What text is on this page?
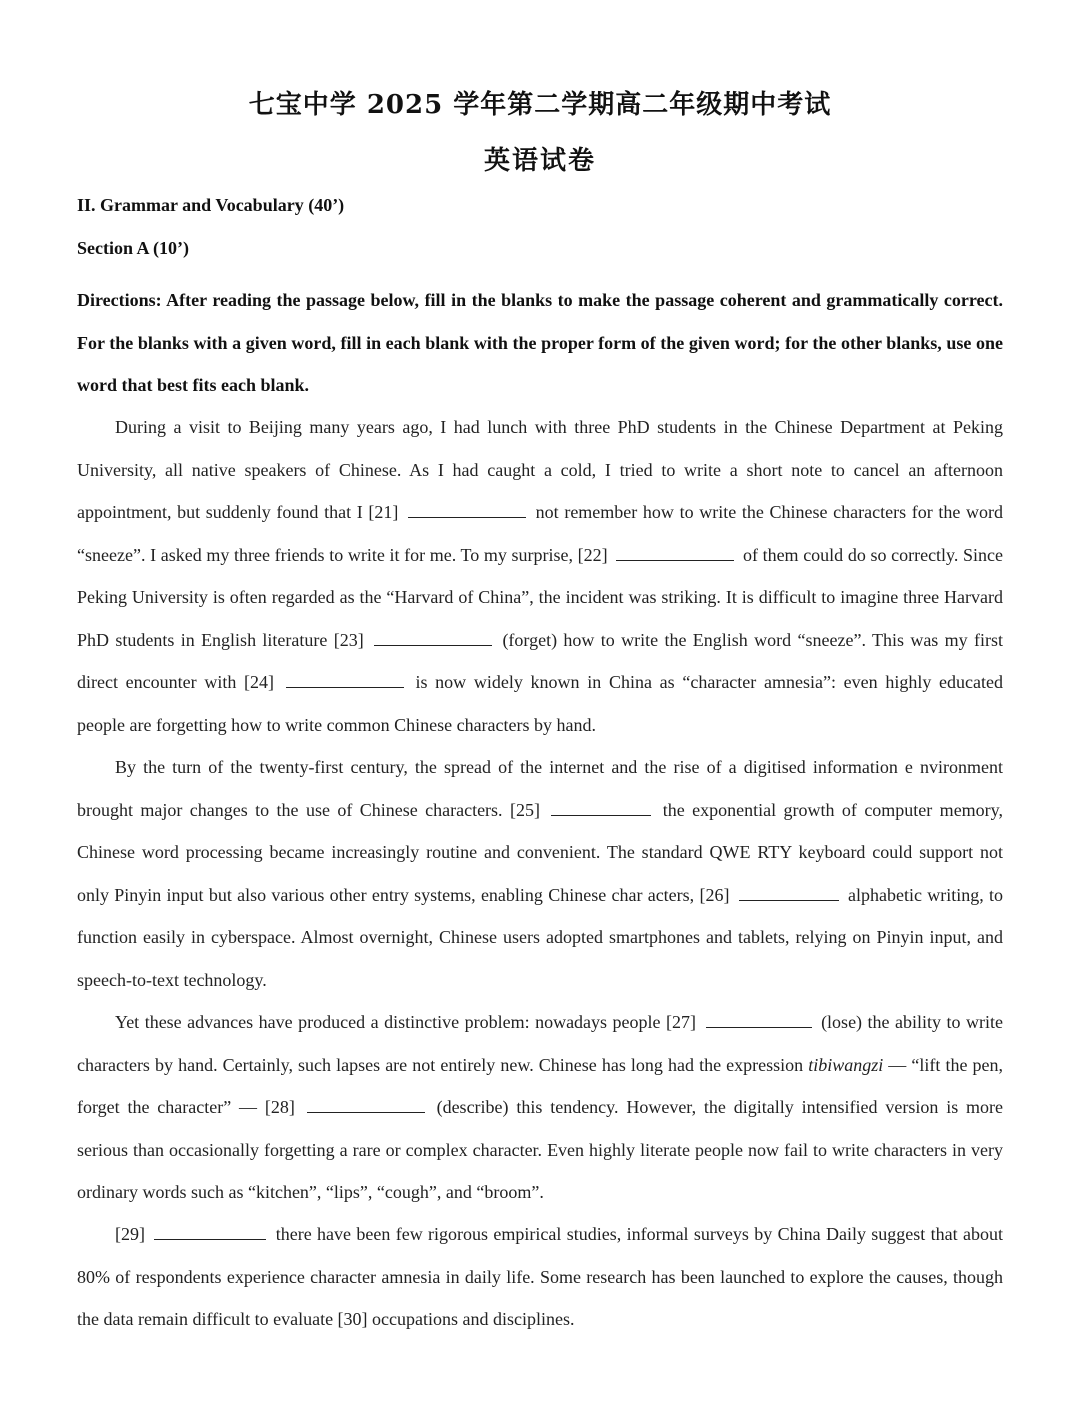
七宝中学 2025 学年第二学期高二年级期中考试
英语试卷
II. Grammar and Vocabulary (40’)
Section A (10’)
Directions: After reading the passage below, fill in the blanks to make the passage coherent and grammatically correct. For the blanks with a given word, fill in each blank with the proper form of the given word; for the other blanks, use one word that best fits each blank.

During a visit to Beijing many years ago, I had lunch with three PhD students in the Chinese Department at Peking University, all native speakers of Chinese. As I had caught a cold, I tried to write a short note to cancel an afternoon appointment, but suddenly found that I [21]	not remember how to write the Chinese characters for the word “sneeze”. I asked my three friends to write it for me. To my surprise, [22]	of them could do so correctly. Since Peking University is often regarded as the “Harvard of China”, the incident was striking. It is difficult to imagine three Harvard PhD students in English literature [23]	(forget) how to write the English word “sneeze”. This was my first direct encounter with [24]	is now widely known in China as “character amnesia”: even highly educated people are forgetting how to write common Chinese characters by hand.

By the turn of the twenty-first century, the spread of the internet and the rise of a digitised information e nvironment brought major changes to the use of Chinese characters. [25]	the exponential growth of computer memory, Chinese word processing became increasingly routine and convenient. The standard QWE RTY keyboard could support not only Pinyin input but also various other entry systems, enabling Chinese char acters, [26]	alphabetic writing, to function easily in cyberspace. Almost overnight, Chinese users adopted smartphones and tablets, relying on Pinyin input, and speech-to-text technology.

Yet these advances have produced a distinctive problem: nowadays people [27]	(lose) the ability to write characters by hand. Certainly, such lapses are not entirely new. Chinese has long had the expression tibiwangzi — “lift the pen, forget the character” — [28]	(describe) this tendency. However, the digitally intensified version is more serious than occasionally forgetting a rare or complex character. Even highly literate people now fail to write characters in very ordinary words such as “kitchen”, “lips”, “cough”, and “broom”.

[29]	there have been few rigorous empirical studies, informal surveys by China Daily suggest that about 80% of respondents experience character amnesia in daily life. Some research has been launched to explore the causes, though the data remain difficult to evaluate [30] occupations and disciplines.
